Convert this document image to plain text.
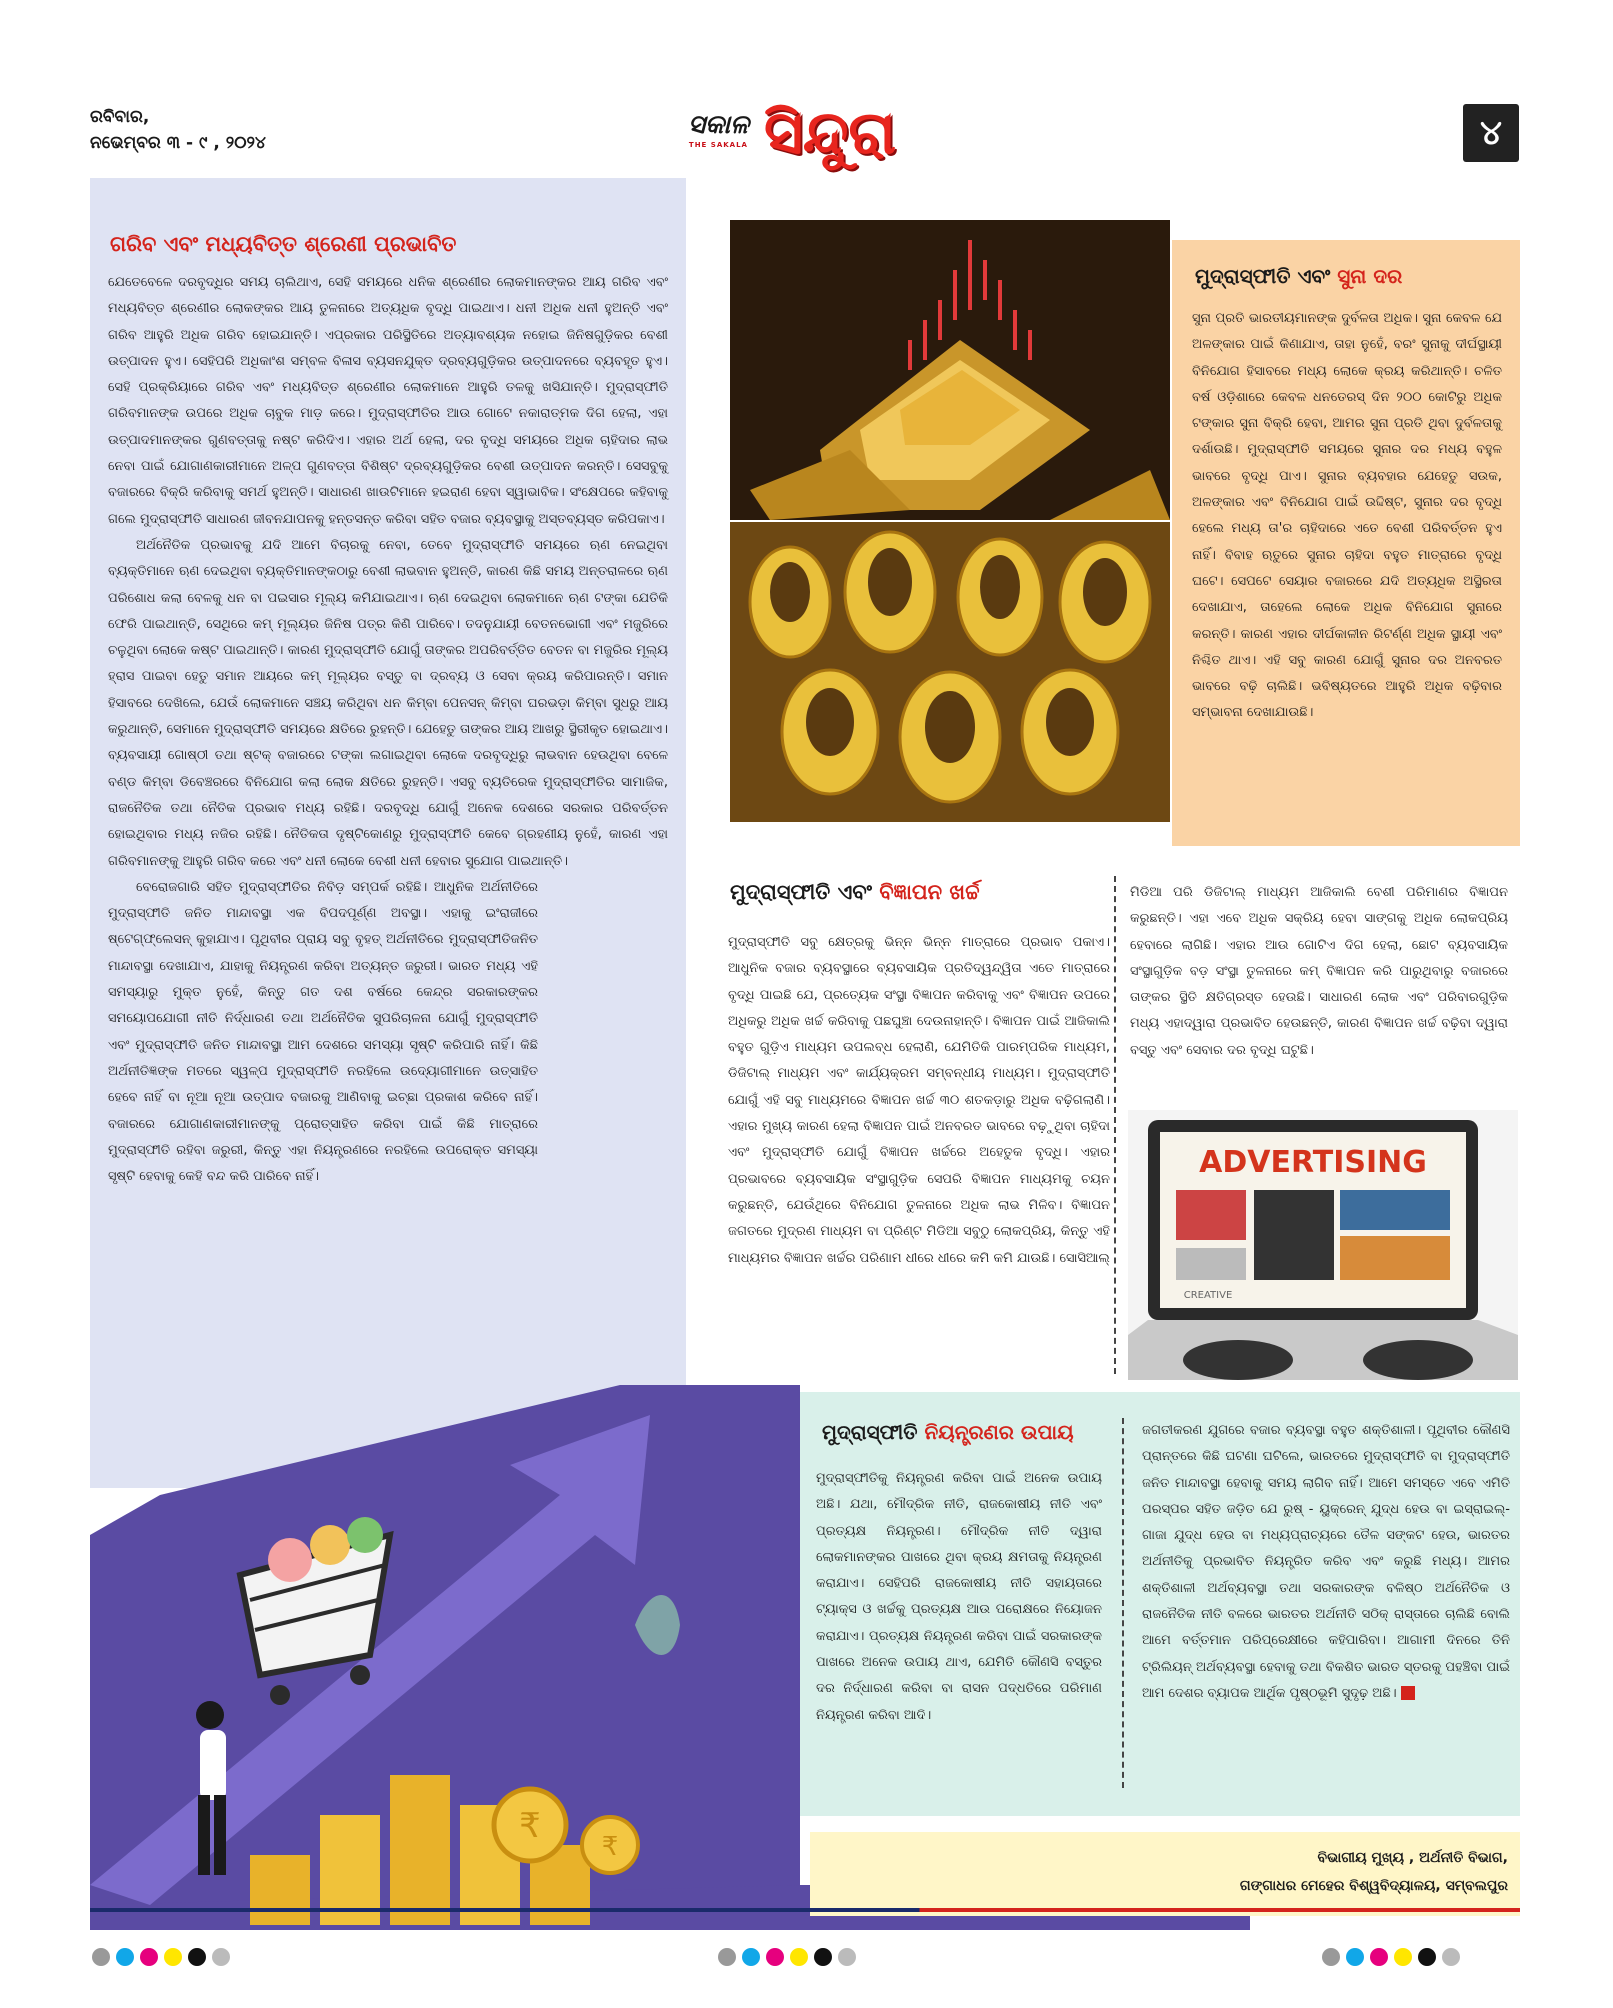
ରବିବାର,
ନଭେମ୍ବର ୩ - ୯ , ୨୦୨୪
ସକାଳ
THE SAKALA ସିନ୍ଦୁରା	୪
ଗରିବ ଏବଂ ମଧ୍ୟବିତ୍ତ ଶ୍ରେଣୀ ପ୍ରଭାବିତ

ଯେତେବେଳେ ଦରବୃଦ୍ଧିର ସମୟ ଚାଲିଥାଏ, ସେହି ସମୟରେ ଧନିକ ଶ୍ରେଣୀର ଲୋକମାନଙ୍କର ଆୟ ଗରିବ ଏବଂ ମଧ୍ୟବିତ୍ତ ଶ୍ରେଣୀର ଲୋକଙ୍କର ଆୟ ତୁଳନାରେ ଅତ୍ୟଧିକ ବୃଦ୍ଧି ପାଇଥାଏ। ଧନୀ ଅଧିକ ଧନୀ ହୁଅନ୍ତି ଏବଂ ଗରିବ ଆହୁରି ଅଧିକ ଗରିବ ହୋଇଯାନ୍ତି। ଏପ୍ରକାର ପରିସ୍ଥିତିରେ ଅତ୍ୟାବଶ୍ୟକ ନହୋଇ ଜିନିଷଗୁଡ଼ିକର ବେଶୀ ଉତ୍ପାଦନ ହୁଏ। ସେହିପରି ଅଧିକାଂଶ ସମ୍ବଳ ବିଳାସ ବ୍ୟସନଯୁକ୍ତ ଦ୍ରବ୍ୟଗୁଡ଼ିକର ଉତ୍ପାଦନରେ ବ୍ୟବହୃତ ହୁଏ। ସେହି ପ୍ରକ୍ରିୟାରେ ଗରିବ ଏବଂ ମଧ୍ୟବିତ୍ତ ଶ୍ରେଣୀର ଲୋକମାନେ ଆହୁରି ତଳକୁ ଖସିଯାନ୍ତି। ମୁଦ୍ରାସ୍ଫୀତି ଗରିବମାନଙ୍କ ଉପରେ ଅଧିକ ଚାବୁକ ମାଡ଼ କରେ। ମୁଦ୍ରାସ୍ଫୀତିର ଆଉ ଗୋଟେ ନକାରାତ୍ମକ ଦିଗ ହେଲା, ଏହା ଉତ୍ପାଦମାନଙ୍କର ଗୁଣବତ୍ତାକୁ ନଷ୍ଟ କରିଦିଏ। ଏହାର ଅର୍ଥ ହେଲା, ଦର ବୃଦ୍ଧି ସମୟରେ ଅଧିକ ଚାହିଦାର ଲାଭ ନେବା ପାଇଁ ଯୋଗାଣକାରୀମାନେ ଅଳ୍ପ ଗୁଣବତ୍ତା ବିଶିଷ୍ଟ ଦ୍ରବ୍ୟଗୁଡ଼ିକର ବେଶୀ ଉତ୍ପାଦନ କରନ୍ତି। ସେସବୁକୁ ବଜାରରେ ବିକ୍ରି କରିବାକୁ ସମର୍ଥ ହୁଅନ୍ତି। ସାଧାରଣ ଖାଉଟିମାନେ ହଇରାଣ ହେବା ସ୍ୱାଭାବିକ। ସଂକ୍ଷେପରେ କହିବାକୁ ଗଲେ ମୁଦ୍ରାସ୍ଫୀତି ସାଧାରଣ ଜୀବନଯାପନକୁ ହନ୍ତସନ୍ତ କରିବା ସହିତ ବଜାର ବ୍ୟବସ୍ଥାକୁ ଅସ୍ତବ୍ୟସ୍ତ କରିପକାଏ।

ଅର୍ଥନୈତିକ ପ୍ରଭାବକୁ ଯଦି ଆମେ ବିଚାରକୁ ନେବା, ତେବେ ମୁଦ୍ରାସ୍ଫୀତି ସମୟରେ ଋଣ ନେଇଥିବା ବ୍ୟକ୍ତିମାନେ ଋଣ ଦେଇଥିବା ବ୍ୟକ୍ତିମାନଙ୍କଠାରୁ ବେଶୀ ଲାଭବାନ ହୁଅନ୍ତି, କାରଣ କିଛି ସମୟ ଅନ୍ତରାଳରେ ଋଣ ପରିଶୋଧ କଲା ବେଳକୁ ଧନ ବା ପଇସାର ମୂଲ୍ୟ କମିଯାଇଥାଏ। ଋଣ ଦେଇଥିବା ଲୋକମାନେ ଋଣ ଟଙ୍କା ଯେତିକି ଫେରି ପାଇଥାନ୍ତି, ସେଥିରେ କମ୍ ମୂଲ୍ୟର ଜିନିଷ ପତ୍ର କିଣି ପାରିବେ। ତଦନୁଯାୟୀ ବେତନଭୋଗୀ ଏବଂ ମଜୁରିରେ ଚଳୁଥିବା ଲୋକେ କଷ୍ଟ ପାଇଥାନ୍ତି। କାରଣ ମୁଦ୍ରାସ୍ଫୀତି ଯୋଗୁଁ ତାଙ୍କର ଅପରିବର୍ତ୍ତିତ ବେତନ ବା ମଜୁରିର ମୂଲ୍ୟ ହ୍ରାସ ପାଇବା ହେତୁ ସମାନ ଆୟରେ କମ୍ ମୂଲ୍ୟର ବସ୍ତୁ ବା ଦ୍ରବ୍ୟ ଓ ସେବା କ୍ରୟ କରିପାରନ୍ତି। ସମାନ ହିସାବରେ ଦେଖିଲେ, ଯେଉଁ ଲୋକମାନେ ସଞ୍ଚୟ କରିଥିବା ଧନ କିମ୍ବା ପେନସନ୍ କିମ୍ବା ଘରଭଡ଼ା କିମ୍ବା ସୁଧରୁ ଆୟ କରୁଥାନ୍ତି, ସେମାନେ ମୁଦ୍ରାସ୍ଫୀତି ସମୟରେ କ୍ଷତିରେ ରୁହନ୍ତି। ଯେହେତୁ ତାଙ୍କର ଆୟ ଆଖରୁ ସ୍ଥିରୀକୃତ ହୋଇଥାଏ। ବ୍ୟବସାୟୀ ଗୋଷ୍ଠୀ ତଥା ଷ୍ଟକ୍ ବଜାରରେ ଟଙ୍କା ଲଗାଇଥିବା ଲୋକେ ଦରବୃଦ୍ଧିରୁ ଲାଭବାନ ହେଉଥିବା ବେଳେ ବଣ୍ଡ କିମ୍ବା ଡିବେଞ୍ଚରରେ ବିନିଯୋଗ କଲା ଲୋକ କ୍ଷତିରେ ରୁହନ୍ତି। ଏସବୁ ବ୍ୟତିରେକ ମୁଦ୍ରାସ୍ଫୀତିର ସାମାଜିକ, ରାଜନୈତିକ ତଥା ନୈତିକ ପ୍ରଭାବ ମଧ୍ୟ ରହିଛି। ଦରବୃଦ୍ଧି ଯୋଗୁଁ ଅନେକ ଦେଶରେ ସରକାର ପରିବର୍ତ୍ତନ ହୋଇଥିବାର ମଧ୍ୟ ନଜିର ରହିଛି। ନୈତିକତା ଦୃଷ୍ଟିକୋଣରୁ ମୁଦ୍ରାସ୍ଫୀତି କେବେ ଗ୍ରହଣୀୟ ନୁହେଁ, କାରଣ ଏହା ଗରିବମାନଙ୍କୁ ଆହୁରି ଗରିବ କରେ ଏବଂ ଧନୀ ଲୋକେ ବେଶୀ ଧନୀ ହେବାର ସୁଯୋଗ ପାଇଥାନ୍ତି।

ବେରୋଜଗାରି ସହିତ ମୁଦ୍ରାସ୍ଫୀତିର ନିବିଡ଼ ସମ୍ପର୍କ ରହିଛି। ଆଧୁନିକ ଅର୍ଥନୀତିରେ ମୁଦ୍ରାସ୍ଫୀତି ଜନିତ ମାନ୍ଦାବସ୍ଥା ଏକ ବିପଦପୂର୍ଣ୍ଣ ଅବସ୍ଥା। ଏହାକୁ ଇଂରାଜୀରେ ଷ୍ଟେଗ୍‌ଫ୍ଲେସନ୍ କୁହାଯାଏ। ପୃଥିବୀର ପ୍ରାୟ ସବୁ ବୃହତ୍ ଅର୍ଥନୀତିରେ ମୁଦ୍ରାସ୍ଫୀତିଜନିତ ମାନ୍ଦାବସ୍ଥା ଦେଖାଯାଏ, ଯାହାକୁ ନିୟନ୍ତ୍ରଣ କରିବା ଅତ୍ୟନ୍ତ ଜରୁରୀ। ଭାରତ ମଧ୍ୟ ଏହି ସମସ୍ୟାରୁ ମୁକ୍ତ ନୁହେଁ, କିନ୍ତୁ ଗତ ଦଶ ବର୍ଷରେ କେନ୍ଦ୍ର ସରକାରଙ୍କର ସମୟୋପଯୋଗୀ ନୀତି ନିର୍ଦ୍ଧାରଣ ତଥା ଅର୍ଥନୈତିକ ସୁପରିଚାଳନା ଯୋଗୁଁ ମୁଦ୍ରାସ୍ଫୀତି ଏବଂ ମୁଦ୍ରାସ୍ଫୀତି ଜନିତ ମାନ୍ଦାବସ୍ଥା ଆମ ଦେଶରେ ସମସ୍ୟା ସୃଷ୍ଟି କରିପାରି ନାହିଁ। କିଛି ଅର୍ଥନୀତିଜ୍ଞଙ୍କ ମତରେ ସ୍ୱଳ୍ପ ମୁଦ୍ରାସ୍ଫୀତି ନରହିଲେ ଉଦ୍ୟୋଗୀମାନେ ଉତ୍ସାହିତ ହେବେ ନାହିଁ ବା ନୂଆ ନୂଆ ଉତ୍ପାଦ ବଜାରକୁ ଆଣିବାକୁ ଇଚ୍ଛା ପ୍ରକାଶ କରିବେ ନାହିଁ। ବଜାରରେ ଯୋଗାଣକାରୀମାନଙ୍କୁ ପ୍ରୋତ୍ସାହିତ କରିବା ପାଇଁ କିଛି ମାତ୍ରାରେ ମୁଦ୍ରାସ୍ଫୀତି ରହିବା ଜରୁରୀ, କିନ୍ତୁ ଏହା ନିୟନ୍ତ୍ରଣରେ ନରହିଲେ ଉପରୋକ୍ତ ସମସ୍ୟା ସୃଷ୍ଟି ହେବାକୁ କେହି ବନ୍ଦ କରି ପାରିବେ ନାହିଁ।

₹
₹
ମୁଦ୍ରାସ୍ଫୀତି ଏବଂ ସୁନା ଦର
ସୁନା ପ୍ରତି ଭାରତୀୟମାନଙ୍କ ଦୁର୍ବଳତା ଅଧିକ। ସୁନା କେବଳ ଯେ ଅଳଙ୍କାର ପାଇଁ କିଣାଯାଏ, ତାହା ନୁହେଁ, ବରଂ ସୁନାକୁ ଦୀର୍ଘସ୍ଥାୟୀ ବିନିଯୋଗ ହିସାବରେ ମଧ୍ୟ ଲୋକେ କ୍ରୟ କରିଥାନ୍ତି। ଚଳିତ ବର୍ଷ ଓଡ଼ିଶାରେ କେବଳ ଧନତେରସ୍ ଦିନ ୨୦୦ କୋଟିରୁ ଅଧିକ ଟଙ୍କାର ସୁନା ବିକ୍ରି ହେବା, ଆମର ସୁନା ପ୍ରତି ଥିବା ଦୁର୍ବଳତାକୁ ଦର୍ଶାଉଛି। ମୁଦ୍ରାସ୍ଫୀତି ସମୟରେ ସୁନାର ଦର ମଧ୍ୟ ବହୁଳ ଭାବରେ ବୃଦ୍ଧି ପାଏ। ସୁନାର ବ୍ୟବହାର ଯେହେତୁ ସଉକ, ଅଳଙ୍କାର ଏବଂ ବିନିଯୋଗ ପାଇଁ ଉଦ୍ଦିଷ୍ଟ, ସୁନାର ଦର ବୃଦ୍ଧି ହେଲେ ମଧ୍ୟ ତା'ର ଚାହିଦାରେ ଏତେ ବେଶୀ ପରିବର୍ତ୍ତନ ହୁଏ ନାହିଁ। ବିବାହ ଋତୁରେ ସୁନାର ଚାହିଦା ବହୁତ ମାତ୍ରାରେ ବୃଦ୍ଧି ଘଟେ। ସେପଟେ ସେୟାର ବଜାରରେ ଯଦି ଅତ୍ୟଧିକ ଅସ୍ଥିରତା ଦେଖାଯାଏ, ତାହେଲେ ଲୋକେ ଅଧିକ ବିନିଯୋଗ ସୁନାରେ କରନ୍ତି। କାରଣ ଏହାର ଦୀର୍ଘକାଳୀନ ରିଟର୍ଣ୍ଣ ଅଧିକ ସ୍ଥାୟୀ ଏବଂ ନିଶ୍ଚିତ ଥାଏ। ଏହି ସବୁ କାରଣ ଯୋଗୁଁ ସୁନାର ଦର ଅନବରତ ଭାବରେ ବଢ଼ି ଚାଲିଛି। ଭବିଷ୍ୟତରେ ଆହୁରି ଅଧିକ ବଢ଼ିବାର ସମ୍ଭାବନା ଦେଖାଯାଉଛି।
ମୁଦ୍ରାସ୍ଫୀତି ଏବଂ ବିଜ୍ଞାପନ ଖର୍ଚ୍ଚ
ମୁଦ୍ରାସ୍ଫୀତି ସବୁ କ୍ଷେତ୍ରକୁ ଭିନ୍ନ ଭିନ୍ନ ମାତ୍ରାରେ ପ୍ରଭାବ ପକାଏ। ଆଧୁନିକ ବଜାର ବ୍ୟବସ୍ଥାରେ ବ୍ୟବସାୟିକ ପ୍ରତିଦ୍ୱନ୍ଦ୍ୱିତା ଏତେ ମାତ୍ରାରେ ବୃଦ୍ଧି ପାଇଛି ଯେ, ପ୍ରତ୍ୟେକ ସଂସ୍ଥା ବିଜ୍ଞାପନ କରିବାକୁ ଏବଂ ବିଜ୍ଞାପନ ଉପରେ ଅଧିକରୁ ଅଧିକ ଖର୍ଚ୍ଚ କରିବାକୁ ପଛଘୁଞ୍ଚା ଦେଉନାହାନ୍ତି। ବିଜ୍ଞାପନ ପାଇଁ ଆଜିକାଲି ବହୁତ ଗୁଡ଼ିଏ ମାଧ୍ୟମ ଉପଲବ୍ଧ ହେଲାଣି, ଯେମିତିକି ପାରମ୍ପରିକ ମାଧ୍ୟମ, ଡିଜିଟାଲ୍ ମାଧ୍ୟମ ଏବଂ କାର୍ଯ୍ୟକ୍ରମ ସମ୍ବନ୍ଧୀୟ ମାଧ୍ୟମ। ମୁଦ୍ରାସ୍ଫୀତି ଯୋଗୁଁ ଏହି ସବୁ ମାଧ୍ୟମରେ ବିଜ୍ଞାପନ ଖର୍ଚ୍ଚ ୩୦ ଶତକଡ଼ାରୁ ଅଧିକ ବଢ଼ିଗଲାଣି। ଏହାର ମୁଖ୍ୟ କାରଣ ହେଲା ବିଜ୍ଞାପନ ପାଇଁ ଅନବରତ ଭାବରେ ବଢ଼ୁଥିବା ଚାହିଦା ଏବଂ ମୁଦ୍ରାସ୍ଫୀତି ଯୋଗୁଁ ବିଜ୍ଞାପନ ଖର୍ଚ୍ଚରେ ଅହେତୁକ ବୃଦ୍ଧି। ଏହାର ପ୍ରଭାବରେ ବ୍ୟବସାୟିକ ସଂସ୍ଥାଗୁଡ଼ିକ ସେପରି ବିଜ୍ଞାପନ ମାଧ୍ୟମକୁ ଚୟନ କରୁଛନ୍ତି, ଯେଉଁଥିରେ ବିନିଯୋଗ ତୁଳନାରେ ଅଧିକ ଲାଭ ମିଳିବ। ବିଜ୍ଞାପନ ଜଗତରେ ମୁଦ୍ରଣ ମାଧ୍ୟମ ବା ପ୍ରିଣ୍ଟ ମିଡିଆ ସବୁଠୁ ଲୋକପ୍ରିୟ, କିନ୍ତୁ ଏହି ମାଧ୍ୟମର ବିଜ୍ଞାପନ ଖର୍ଚ୍ଚର ପରିଣାମ ଧୀରେ ଧୀରେ କମି କମି ଯାଉଛି। ସୋସିଆଲ୍
ମିଡିଆ ପରି ଡିଜିଟାଲ୍ ମାଧ୍ୟମ ଆଜିକାଲି ବେଶୀ ପରିମାଣର ବିଜ୍ଞାପନ କରୁଛନ୍ତି। ଏହା ଏବେ ଅଧିକ ସକ୍ରିୟ ହେବା ସାଙ୍ଗକୁ ଅଧିକ ଲୋକପ୍ରିୟ ହେବାରେ ଲାଗିଛି। ଏହାର ଆଉ ଗୋଟିଏ ଦିଗ ହେଲା, ଛୋଟ ବ୍ୟବସାୟିକ ସଂସ୍ଥାଗୁଡ଼ିକ ବଡ଼ ସଂସ୍ଥା ତୁଳନାରେ କମ୍ ବିଜ୍ଞାପନ କରି ପାରୁଥିବାରୁ ବଜାରରେ ତାଙ୍କର ସ୍ଥିତି କ୍ଷତିଗ୍ରସ୍ତ ହେଉଛି। ସାଧାରଣ ଲୋକ ଏବଂ ପରିବାରଗୁଡ଼ିକ ମଧ୍ୟ ଏହାଦ୍ୱାରା ପ୍ରଭାବିତ ହେଉଛନ୍ତି, କାରଣ ବିଜ୍ଞାପନ ଖର୍ଚ୍ଚ ବଢ଼ିବା ଦ୍ୱାରା ବସ୍ତୁ ଏବଂ ସେବାର ଦର ବୃଦ୍ଧି ଘଟୁଛି।
ADVERTISING
CREATIVE
ମୁଦ୍ରାସ୍ଫୀତି ନିୟନ୍ତ୍ରଣର ଉପାୟ
ମୁଦ୍ରାସ୍ଫୀତିକୁ ନିୟନ୍ତ୍ରଣ କରିବା ପାଇଁ ଅନେକ ଉପାୟ ଅଛି। ଯଥା, ମୌଦ୍ରିକ ନୀତି, ରାଜକୋଷୀୟ ନୀତି ଏବଂ ପ୍ରତ୍ୟକ୍ଷ ନିୟନ୍ତ୍ରଣ। ମୌଦ୍ରିକ ନୀତି ଦ୍ୱାରା ଲୋକମାନଙ୍କର ପାଖରେ ଥିବା କ୍ରୟ କ୍ଷମତାକୁ ନିୟନ୍ତ୍ରଣ କରାଯାଏ। ସେହିପରି ରାଜକୋଷୀୟ ନୀତି ସହାୟତାରେ ଟ୍ୟାକ୍ସ ଓ ଖର୍ଚ୍ଚକୁ ପ୍ରତ୍ୟକ୍ଷ ଆଉ ପରୋକ୍ଷରେ ନିୟୋଜନ କରାଯାଏ। ପ୍ରତ୍ୟକ୍ଷ ନିୟନ୍ତ୍ରଣ କରିବା ପାଇଁ ସରକାରଙ୍କ ପାଖରେ ଅନେକ ଉପାୟ ଥାଏ, ଯେମିତି କୌଣସି ବସ୍ତୁର ଦର ନିର୍ଦ୍ଧାରଣ କରିବା ବା ରାସନ ପଦ୍ଧତିରେ ପରିମାଣ ନିୟନ୍ତ୍ରଣ କରିବା ଆଦି।
ଜଗତୀକରଣ ଯୁଗରେ ବଜାର ବ୍ୟବସ୍ଥା ବହୁତ ଶକ୍ତିଶାଳୀ। ପୃଥିବୀର କୌଣସି ପ୍ରାନ୍ତରେ କିଛି ଘଟଣା ଘଟିଲେ, ଭାରତରେ ମୁଦ୍ରାସ୍ଫୀତି ବା ମୁଦ୍ରାସ୍ଫୀତି ଜନିତ ମାନ୍ଦାବସ୍ଥା ହେବାକୁ ସମୟ ଲାଗିବ ନାହିଁ। ଆମେ ସମସ୍ତେ ଏବେ ଏମିତି ପରସ୍ପର ସହିତ ଜଡ଼ିତ ଯେ ରୁଷ୍ - ୟୁକ୍ରେନ୍ ଯୁଦ୍ଧ ହେଉ ବା ଇସ୍ରାଇଲ୍-ଗାଜା ଯୁଦ୍ଧ ହେଉ ବା ମଧ୍ୟପ୍ରାଚ୍ୟରେ ତୈଳ ସଙ୍କଟ ହେଉ, ଭାରତର ଅର୍ଥନୀତିକୁ ପ୍ରଭାବିତ ନିୟନ୍ତ୍ରିତ କରିବ ଏବଂ କରୁଛି ମଧ୍ୟ। ଆମର ଶକ୍ତିଶାଳୀ ଅର୍ଥବ୍ୟବସ୍ଥା ତଥା ସରକାରଙ୍କ ବଳିଷ୍ଠ ଅର୍ଥନୈତିକ ଓ ରାଜନୈତିକ ନୀତି ବଳରେ ଭାରତର ଅର୍ଥନୀତି ସଠିକ୍ ରାସ୍ତାରେ ଚାଲିଛି ବୋଲି ଆମେ ବର୍ତ୍ତମାନ ପରିପ୍ରେକ୍ଷୀରେ କହିପାରିବା। ଆଗାମୀ ଦିନରେ ତିନି ଟ୍ରିଲିୟନ୍ ଅର୍ଥବ୍ୟବସ୍ଥା ହେବାକୁ ତଥା ବିକଶିତ ଭାରତ ସ୍ତରକୁ ପହଞ୍ଚିବା ପାଇଁ ଆମ ଦେଶର ବ୍ୟାପକ ଆର୍ଥିକ ପୃଷ୍ଠଭୂମି ସୁଦୃଢ଼ ଅଛି।
ବିଭାଗୀୟ ମୁଖ୍ୟ , ଅର୍ଥନୀତି ବିଭାଗ,
ଗଙ୍ଗାଧର ମେହେର ବିଶ୍ୱବିଦ୍ୟାଳୟ, ସମ୍ବଲପୁର
